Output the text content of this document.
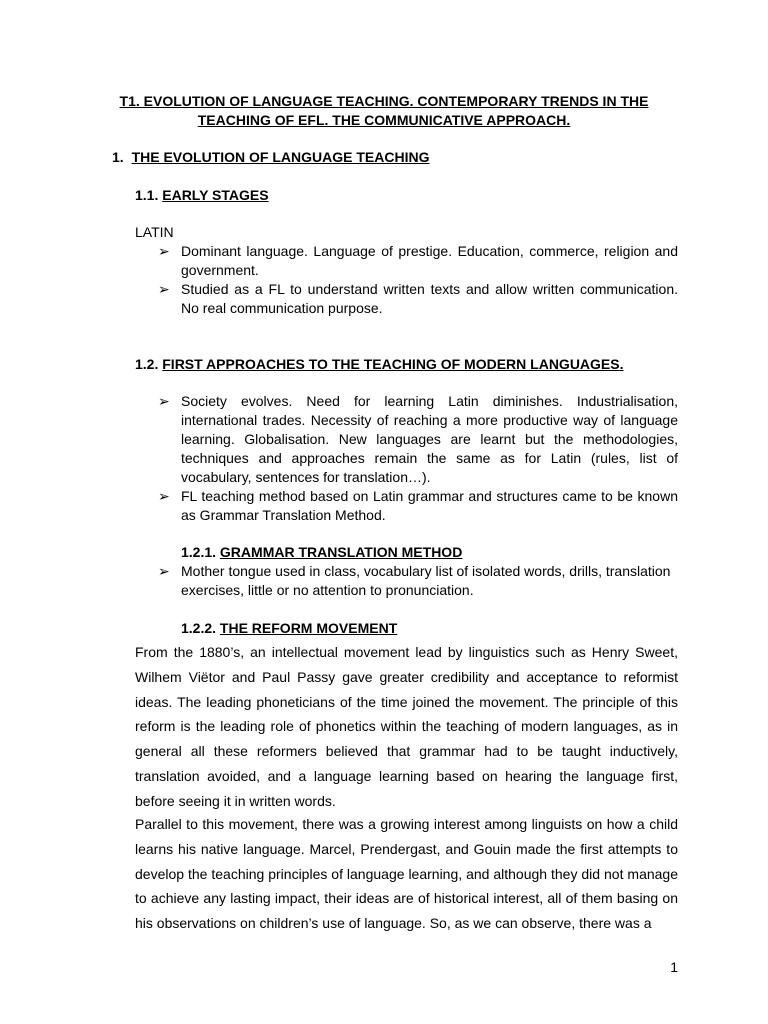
T1. EVOLUTION OF LANGUAGE TEACHING. CONTEMPORARY TRENDS IN THE
TEACHING OF EFL. THE COMMUNICATIVE APPROACH.
1. THE EVOLUTION OF LANGUAGE TEACHING
1.1. EARLY STAGES
LATIN
➢ Dominant language. Language of prestige. Education, commerce, religion and government.
➢ Studied as a FL to understand written texts and allow written communication. No real communication purpose.
1.2. FIRST APPROACHES TO THE TEACHING OF MODERN LANGUAGES.
➢ Society evolves. Need for learning Latin diminishes. Industrialisation, international trades. Necessity of reaching a more productive way of language learning. Globalisation. New languages are learnt but the methodologies, techniques and approaches remain the same as for Latin (rules, list of vocabulary, sentences for translation…).
➢ FL teaching method based on Latin grammar and structures came to be known as Grammar Translation Method.
1.2.1. GRAMMAR TRANSLATION METHOD
➢ Mother tongue used in class, vocabulary list of isolated words, drills, translation exercises, little or no attention to pronunciation.
1.2.2. THE REFORM MOVEMENT
From the 1880’s, an intellectual movement lead by linguistics such as Henry Sweet, Wilhem Viëtor and Paul Passy gave greater credibility and acceptance to reformist ideas. The leading phoneticians of the time joined the movement. The principle of this reform is the leading role of phonetics within the teaching of modern languages, as in general all these reformers believed that grammar had to be taught inductively, translation avoided, and a language learning based on hearing the language first, before seeing it in written words.
Parallel to this movement, there was a growing interest among linguists on how a child learns his native language. Marcel, Prendergast, and Gouin made the first attempts to develop the teaching principles of language learning, and although they did not manage to achieve any lasting impact, their ideas are of historical interest, all of them basing on his observations on children’s use of language. So, as we can observe, there was a
1
